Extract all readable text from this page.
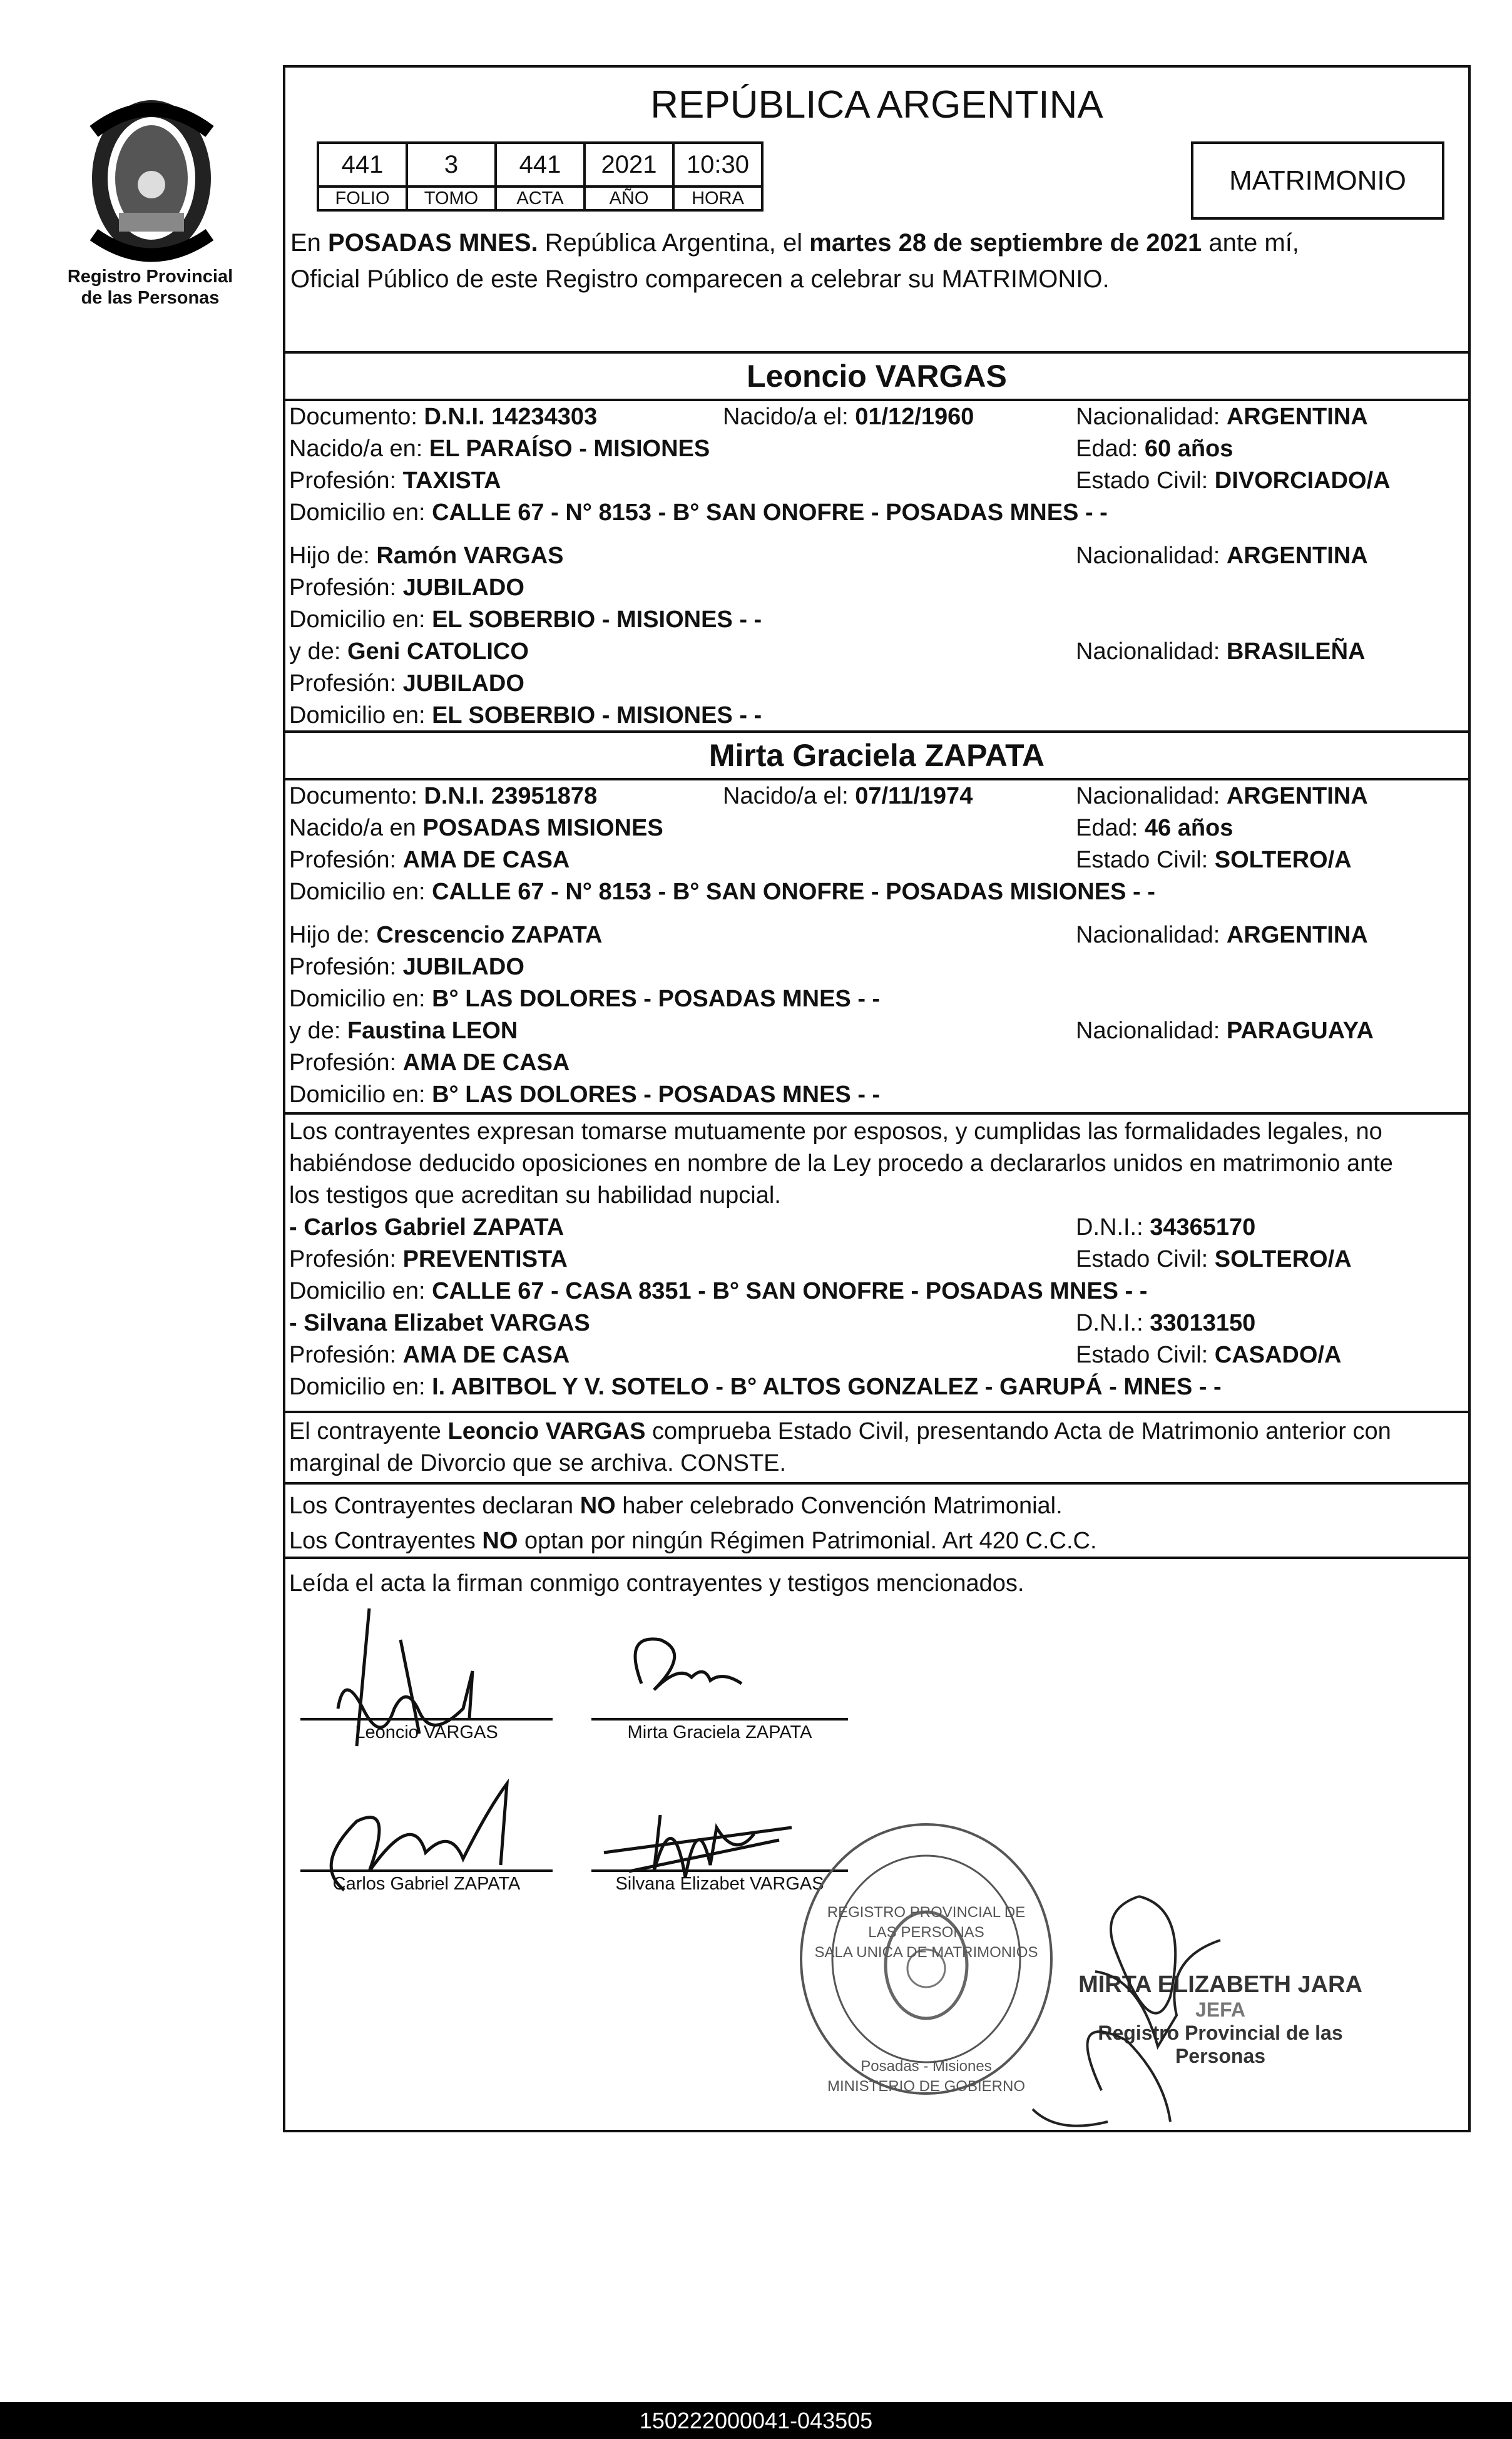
Registro Provincial
de las Personas
REPÚBLICA ARGENTINA
441	3	441	2021	10:30
FOLIO	TOMO	ACTA	AÑO	HORA
MATRIMONIO
En POSADAS MNES. República Argentina, el martes 28 de septiembre de 2021 ante mí,
Oficial Público de este Registro comparecen a celebrar su MATRIMONIO.
Leoncio VARGAS
Documento: D.N.I. 14234303	Nacido/a el: 01/12/1960	Nacionalidad: ARGENTINA
Nacido/a en: EL PARAÍSO - MISIONES	Edad: 60 años
Profesión: TAXISTA	Estado Civil: DIVORCIADO/A
Domicilio en: CALLE 67 - N° 8153 - B° SAN ONOFRE - POSADAS MNES - -
Hijo de: Ramón VARGAS	Nacionalidad: ARGENTINA
Profesión: JUBILADO
Domicilio en: EL SOBERBIO - MISIONES - -
y de: Geni CATOLICO	Nacionalidad: BRASILEÑA
Profesión: JUBILADO
Domicilio en: EL SOBERBIO - MISIONES - -
Mirta Graciela ZAPATA
Documento: D.N.I. 23951878	Nacido/a el: 07/11/1974	Nacionalidad: ARGENTINA
Nacido/a en POSADAS MISIONES	Edad: 46 años
Profesión: AMA DE CASA	Estado Civil: SOLTERO/A
Domicilio en: CALLE 67 - N° 8153 - B° SAN ONOFRE - POSADAS MISIONES - -
Hijo de: Crescencio ZAPATA	Nacionalidad: ARGENTINA
Profesión: JUBILADO
Domicilio en: B° LAS DOLORES - POSADAS MNES - -
y de: Faustina LEON	Nacionalidad: PARAGUAYA
Profesión: AMA DE CASA
Domicilio en: B° LAS DOLORES - POSADAS MNES - -
Los contrayentes expresan tomarse mutuamente por esposos, y cumplidas las formalidades legales, no
habiéndose deducido oposiciones en nombre de la Ley procedo a declararlos unidos en matrimonio ante
los testigos que acreditan su habilidad nupcial.
- Carlos Gabriel ZAPATA	D.N.I.: 34365170
Profesión: PREVENTISTA	Estado Civil: SOLTERO/A
Domicilio en: CALLE 67 - CASA 8351 - B° SAN ONOFRE - POSADAS MNES - -
- Silvana Elizabet VARGAS	D.N.I.: 33013150
Profesión: AMA DE CASA	Estado Civil: CASADO/A
Domicilio en: I. ABITBOL Y V. SOTELO - B° ALTOS GONZALEZ - GARUPÁ - MNES - -
El contrayente Leoncio VARGAS comprueba Estado Civil, presentando Acta de Matrimonio anterior con
marginal de Divorcio que se archiva. CONSTE.
Los Contrayentes declaran NO haber celebrado Convención Matrimonial.
Los Contrayentes NO optan por ningún Régimen Patrimonial. Art 420 C.C.C.
Leída el acta la firman conmigo contrayentes y testigos mencionados.
Leoncio VARGAS	Mirta Graciela ZAPATA
Carlos Gabriel ZAPATA	Silvana Elizabet VARGAS
REGISTRO PROVINCIAL DE LAS PERSONAS
SALA UNICA DE MATRIMONIOS
Posadas - Misiones
MINISTERIO DE GOBIERNO
MIRTA ELIZABETH JARA
JEFA
Registro Provincial de las Personas
150222000041-043505
